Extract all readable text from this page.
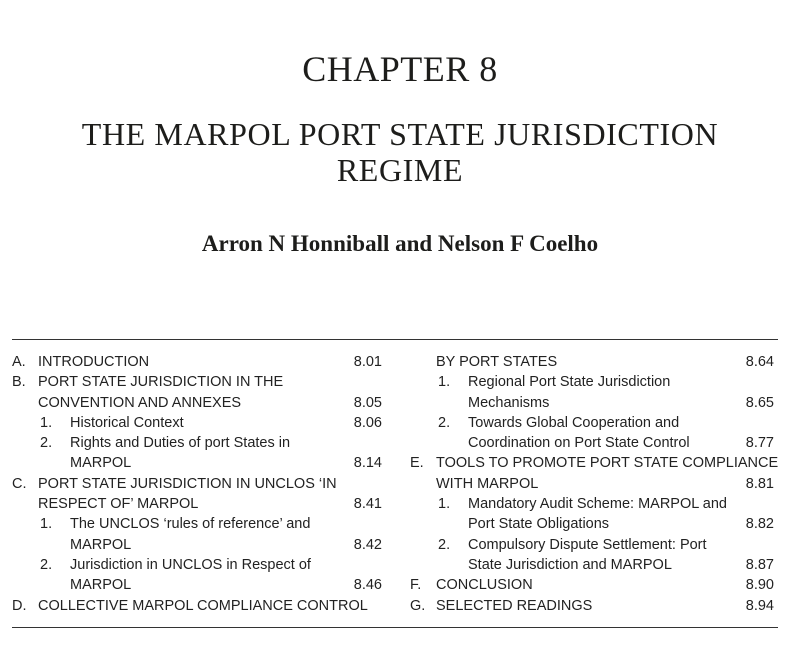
CHAPTER 8
THE MARPOL PORT STATE JURISDICTION
REGIME
Arron N Honniball and Nelson F Coelho
A. INTRODUCTION	8.01
B. PORT STATE JURISDICTION IN THE
CONVENTION AND ANNEXES	8.05
1. Historical Context	8.06
2. Rights and Duties of port States in
MARPOL	8.14
C. PORT STATE JURISDICTION IN UNCLOS ‘IN
RESPECT OF’ MARPOL	8.41
1. The UNCLOS ‘rules of reference’ and
MARPOL	8.42
2. Jurisdiction in UNCLOS in Respect of
MARPOL	8.46
D. COLLECTIVE MARPOL COMPLIANCE CONTROL
BY PORT STATES	8.64
1. Regional Port State Jurisdiction
Mechanisms	8.65
2. Towards Global Cooperation and
Coordination on Port State Control	8.77
E. TOOLS TO PROMOTE PORT STATE COMPLIANCE
WITH MARPOL	8.81
1. Mandatory Audit Scheme: MARPOL and
Port State Obligations	8.82
2. Compulsory Dispute Settlement: Port
State Jurisdiction and MARPOL	8.87
F. CONCLUSION	8.90
G. SELECTED READINGS	8.94
